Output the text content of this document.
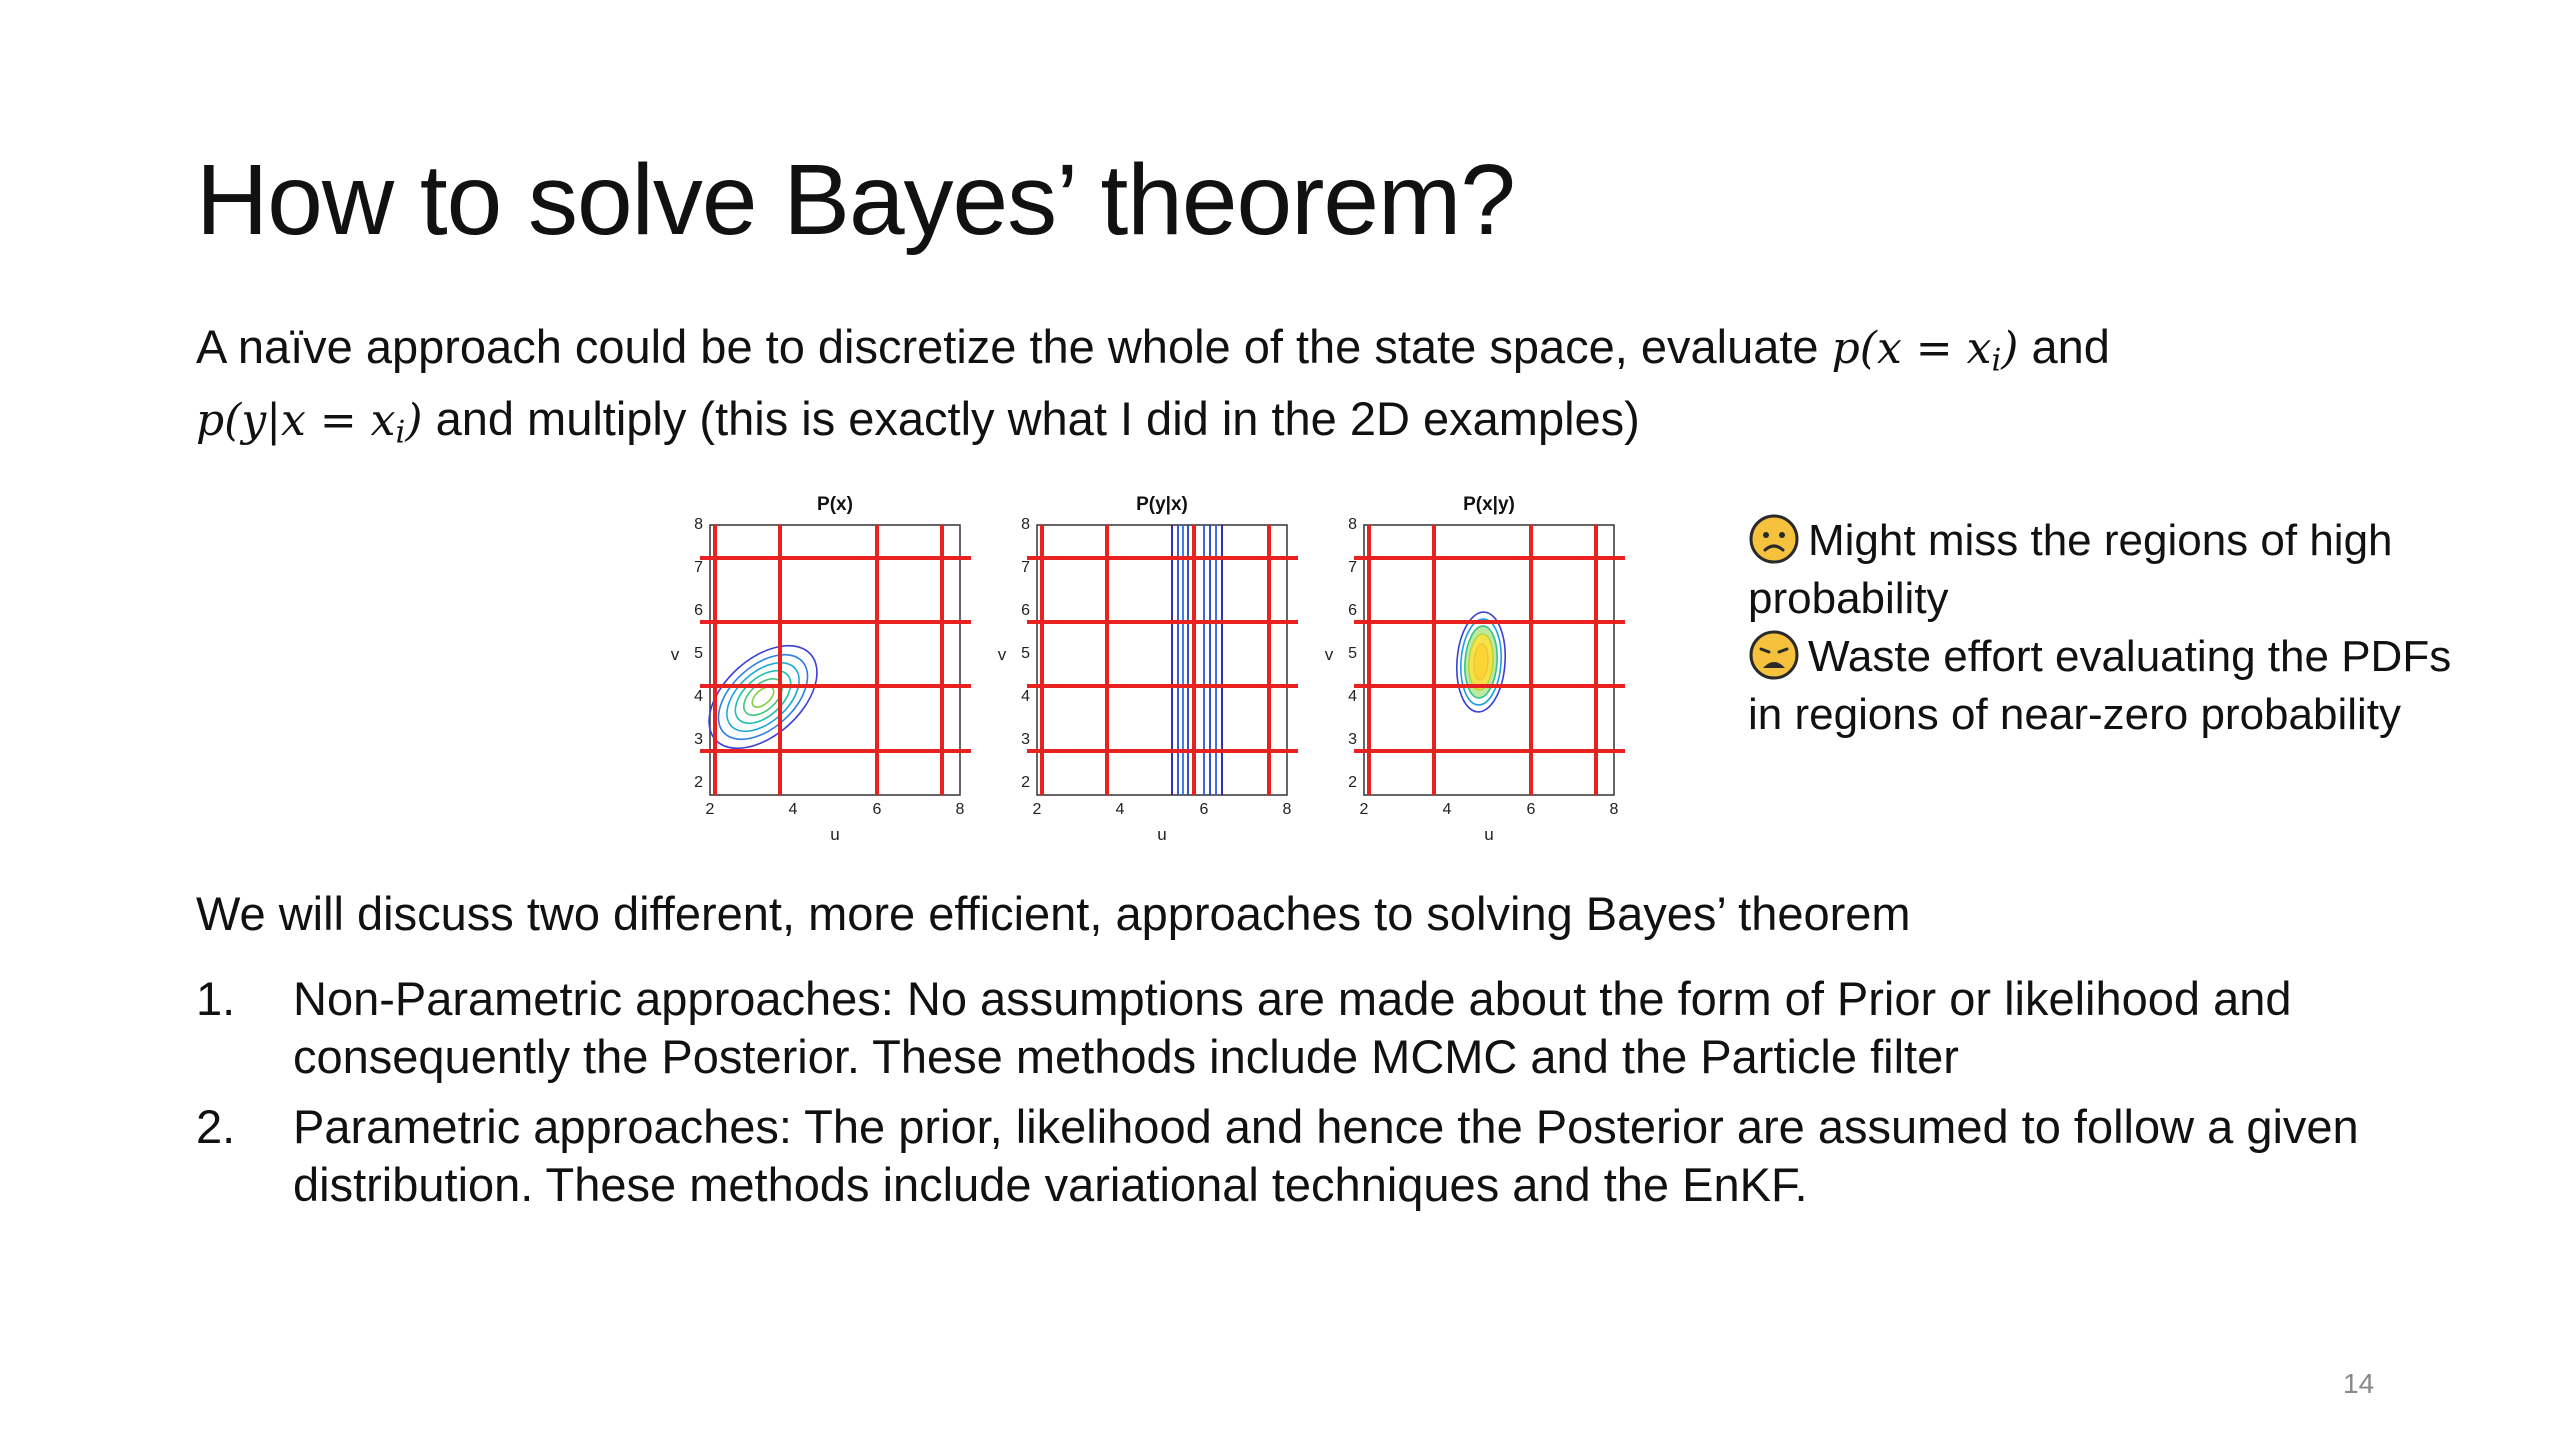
How to solve Bayes’ theorem?
A naïve approach could be to discretize the whole of the state space, evaluate $p(x = x_i)$ and
$p(y|x = x_i)$ and multiply (this is exactly what I did in the 2D examples)
P(x)
8
7
6
5
4
3
2
v
2	4	6	8
u
P(y|x)
8
7
6
5
4
3
2
v
2	4	6	8
u
P(x|y)
8
7
6
5
4
3
2
v
2	4	6	8
u
Might miss the regions of high probability
Waste effort evaluating the PDFs in regions of near-zero probability
We will discuss two different, more efficient, approaches to solving Bayes’ theorem
1. Non-Parametric approaches: No assumptions are made about the form of Prior or likelihood and consequently the Posterior. These methods include MCMC and the Particle filter
2. Parametric approaches: The prior, likelihood and hence the Posterior are assumed to follow a given distribution. These methods include variational techniques and the EnKF.
14
